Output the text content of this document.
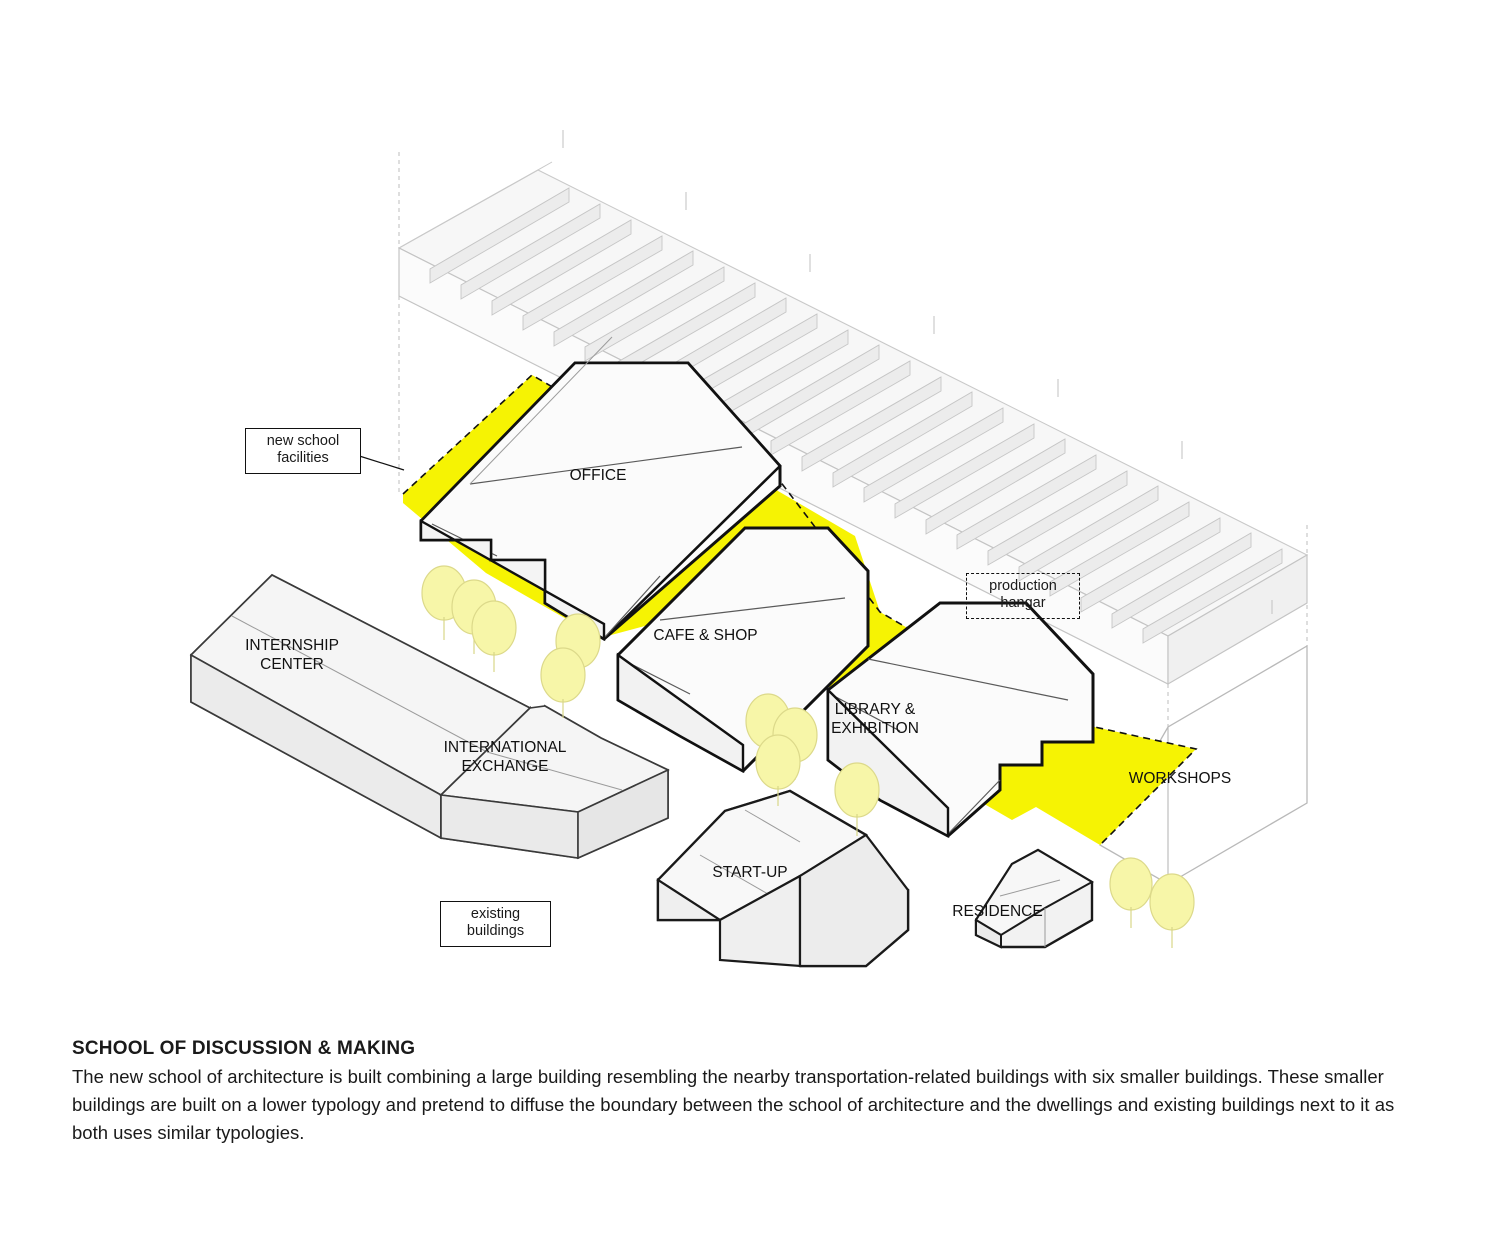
INTERNSHIP
CENTER
INTERNATIONAL
EXCHANGE
OFFICE
CAFE & SHOP
LIBRARY &
EXHIBITION
START-UP
RESIDENCE
WORKSHOPS
new school
facilities
production
hangar
existing
buildings
SCHOOL OF DISCUSSION & MAKING

The new school of architecture is built combining a large building resembling the nearby transportation-related buildings with six smaller buildings. These smaller buildings are built on a lower typology and pretend to diffuse the boundary between the school of architecture and the dwellings and existing buildings next to it as both uses similar typologies.
